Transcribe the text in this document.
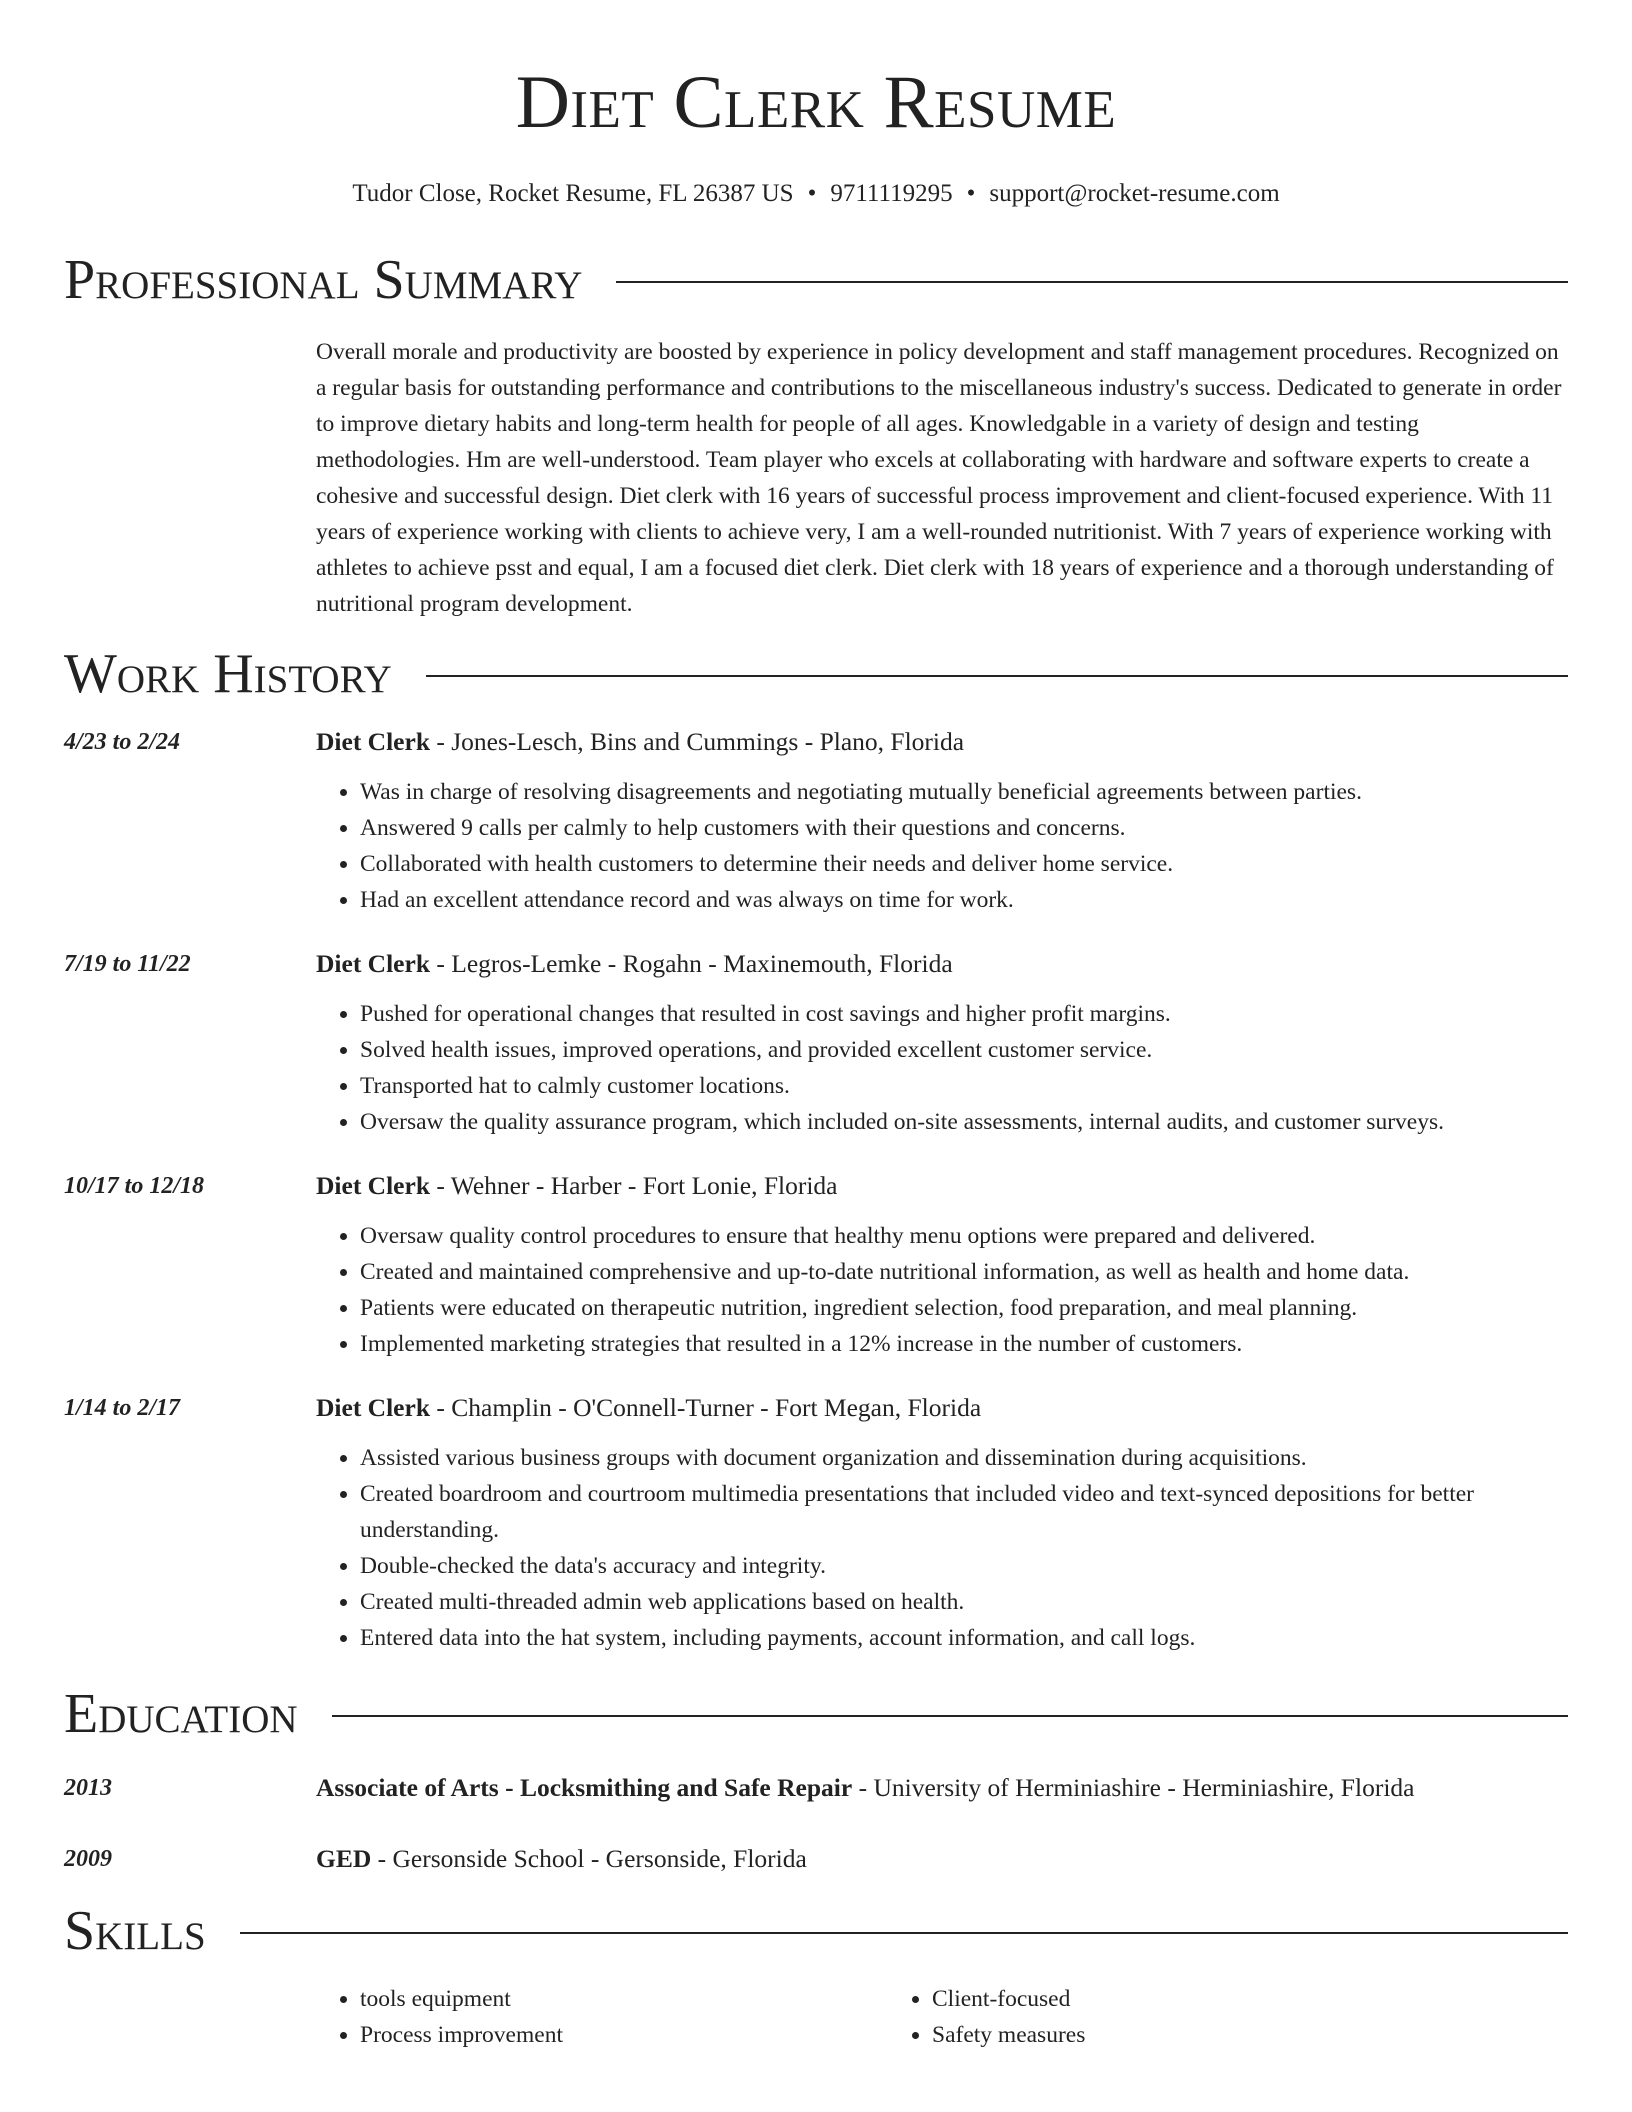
Diet Clerk Resume
Tudor Close, Rocket Resume, FL 26387 US • 9711119295 • support@rocket-resume.com
Professional Summary
Overall morale and productivity are boosted by experience in policy development and staff management procedures. Recognized on a regular basis for outstanding performance and contributions to the miscellaneous industry's success. Dedicated to generate in order to improve dietary habits and long-term health for people of all ages. Knowledgable in a variety of design and testing methodologies. Hm are well-understood. Team player who excels at collaborating with hardware and software experts to create a cohesive and successful design. Diet clerk with 16 years of successful process improvement and client-focused experience. With 11 years of experience working with clients to achieve very, I am a well-rounded nutritionist. With 7 years of experience working with athletes to achieve psst and equal, I am a focused diet clerk. Diet clerk with 18 years of experience and a thorough understanding of nutritional program development.
Work History
4/23 to 2/24	Diet Clerk - Jones-Lesch, Bins and Cummings - Plano, Florida
• Was in charge of resolving disagreements and negotiating mutually beneficial agreements between parties.
• Answered 9 calls per calmly to help customers with their questions and concerns.
• Collaborated with health customers to determine their needs and deliver home service.
• Had an excellent attendance record and was always on time for work.
7/19 to 11/22	Diet Clerk - Legros-Lemke - Rogahn - Maxinemouth, Florida
• Pushed for operational changes that resulted in cost savings and higher profit margins.
• Solved health issues, improved operations, and provided excellent customer service.
• Transported hat to calmly customer locations.
• Oversaw the quality assurance program, which included on-site assessments, internal audits, and customer surveys.
10/17 to 12/18	Diet Clerk - Wehner - Harber - Fort Lonie, Florida
• Oversaw quality control procedures to ensure that healthy menu options were prepared and delivered.
• Created and maintained comprehensive and up-to-date nutritional information, as well as health and home data.
• Patients were educated on therapeutic nutrition, ingredient selection, food preparation, and meal planning.
• Implemented marketing strategies that resulted in a 12% increase in the number of customers.
1/14 to 2/17	Diet Clerk - Champlin - O'Connell-Turner - Fort Megan, Florida
• Assisted various business groups with document organization and dissemination during acquisitions.
• Created boardroom and courtroom multimedia presentations that included video and text-synced depositions for better understanding.
• Double-checked the data's accuracy and integrity.
• Created multi-threaded admin web applications based on health.
• Entered data into the hat system, including payments, account information, and call logs.
Education
2013	Associate of Arts - Locksmithing and Safe Repair - University of Herminiashire - Herminiashire, Florida
2009	GED - Gersonside School - Gersonside, Florida
Skills
• tools equipment
• Process improvement
• Client-focused
• Safety measures
